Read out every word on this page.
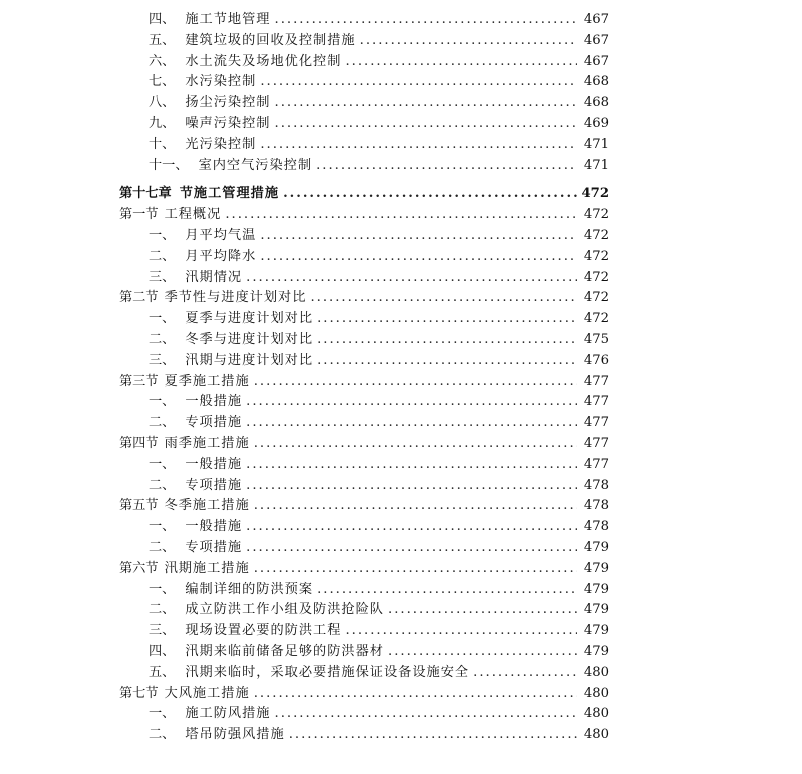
四、 施工节地管理 .....	467
五、 建筑垃圾的回收及控制措施 .....	467
六、 水土流失及场地优化控制 .....	467
七、 水污染控制 .....	468
八、 扬尘污染控制 .....	468
九、 噪声污染控制 .....	469
十、 光污染控制 .....	471
十一、 室内空气污染控制 .....	471
第十七章 节施工管理措施 .....	472
第一节 工程概况 .....	472
一、 月平均气温 .....	472
二、 月平均降水 .....	472
三、 汛期情况 .....	472
第二节 季节性与进度计划对比 .....	472
一、 夏季与进度计划对比 .....	472
二、 冬季与进度计划对比 .....	475
三、 汛期与进度计划对比 .....	476
第三节 夏季施工措施 .....	477
一、 一般措施 .....	477
二、 专项措施 .....	477
第四节 雨季施工措施 .....	477
一、 一般措施 .....	477
二、 专项措施 .....	478
第五节 冬季施工措施 .....	478
一、 一般措施 .....	478
二、 专项措施 .....	479
第六节 汛期施工措施 .....	479
一、 编制详细的防洪预案 .....	479
二、 成立防洪工作小组及防洪抢险队 .....	479
三、 现场设置必要的防洪工程 .....	479
四、 汛期来临前储备足够的防洪器材 .....	479
五、 汛期来临时，采取必要措施保证设备设施安全 .....	480
第七节 大风施工措施 .....	480
一、 施工防风措施 .....	480
二、 塔吊防强风措施 .....	480
